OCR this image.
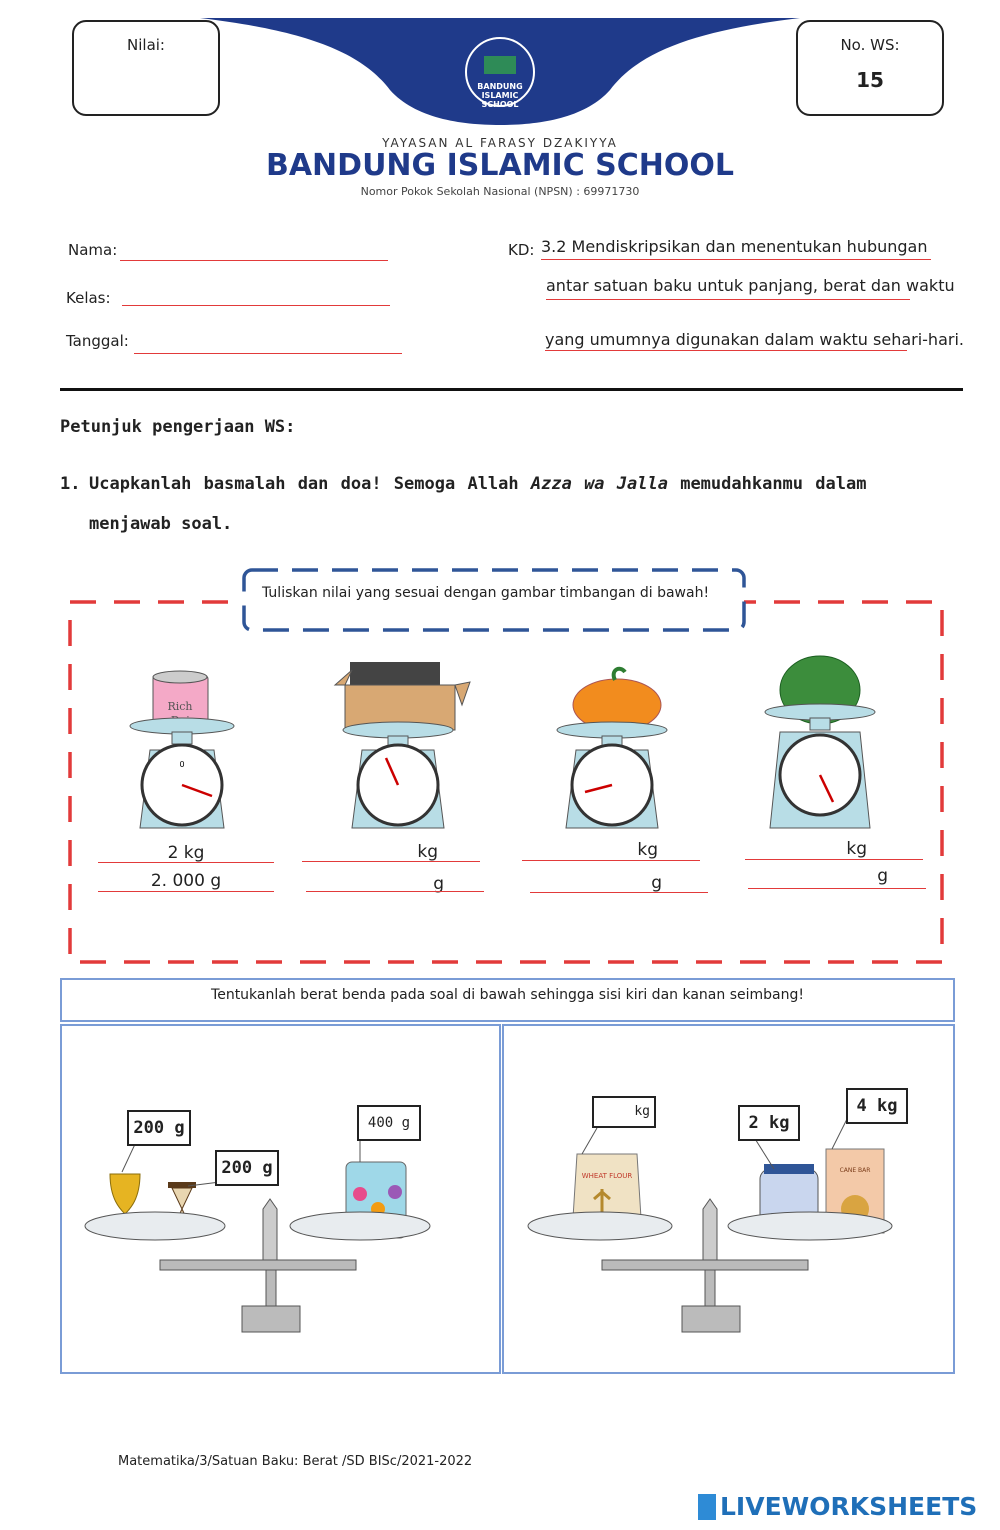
BANDUNG
ISLAMIC
SCHOOL
Nilai:	No. WS:
15
YAYASAN AL FARASY DZAKIYYA
BANDUNG ISLAMIC SCHOOL
Nomor Pokok Sekolah Nasional (NPSN) : 69971730
Nama:
Kelas:
Tanggal:
KD: 3.2 Mendiskripsikan dan menentukan hubungan
antar satuan baku untuk panjang, berat dan waktu
yang umumnya digunakan dalam waktu sehari-hari.
Petunjuk pengerjaan WS:
1. Ucapkanlah basmalah dan doa! Semoga Allah Azza wa Jalla memudahkanmu dalam
menjawab soal.
Tuliskan nilai yang sesuai dengan gambar timbangan di bawah!
Rich
0
2 kg
2. 000 g
kg
g
kg
g
kg
g
Tentukanlah berat benda pada soal di bawah sehingga sisi kiri dan kanan seimbang!
200 g
200 g
400 g
WHEAT FLOUR
CANE BAR
kg
2 kg
4 kg
Matematika/3/Satuan Baku: Berat /SD BISc/2021-2022
LIVEWORKSHEETS
